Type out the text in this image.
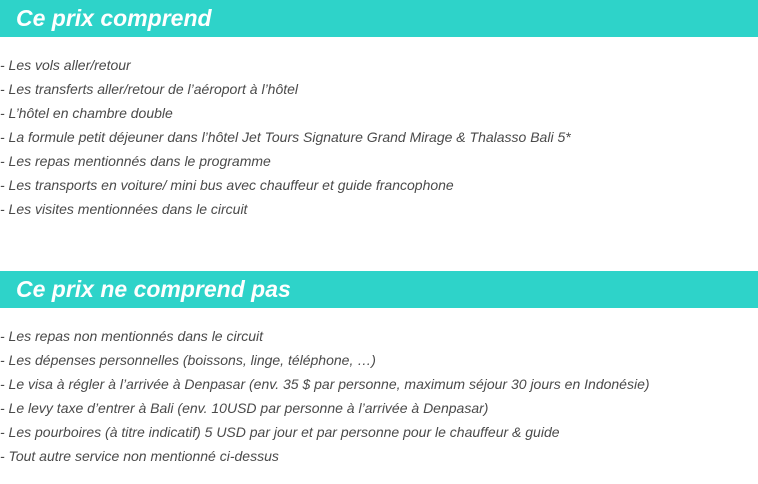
Ce prix comprend
- Les vols aller/retour
- Les transferts aller/retour de l’aéroport à l’hôtel
- L’hôtel en chambre double
- La formule petit déjeuner dans l’hôtel Jet Tours Signature Grand Mirage & Thalasso Bali 5*
- Les repas mentionnés dans le programme
- Les transports en voiture/ mini bus avec chauffeur et guide francophone
- Les visites mentionnées dans le circuit
Ce prix ne comprend pas
- Les repas non mentionnés dans le circuit
- Les dépenses personnelles (boissons, linge, téléphone, …)
- Le visa à régler à l’arrivée à Denpasar (env. 35 $ par personne, maximum séjour 30 jours en Indonésie)
- Le levy taxe d’entrer à Bali (env. 10USD par personne à l’arrivée à Denpasar)
- Les pourboires (à titre indicatif) 5 USD par jour et par personne pour le chauffeur & guide
- Tout autre service non mentionné ci-dessus
